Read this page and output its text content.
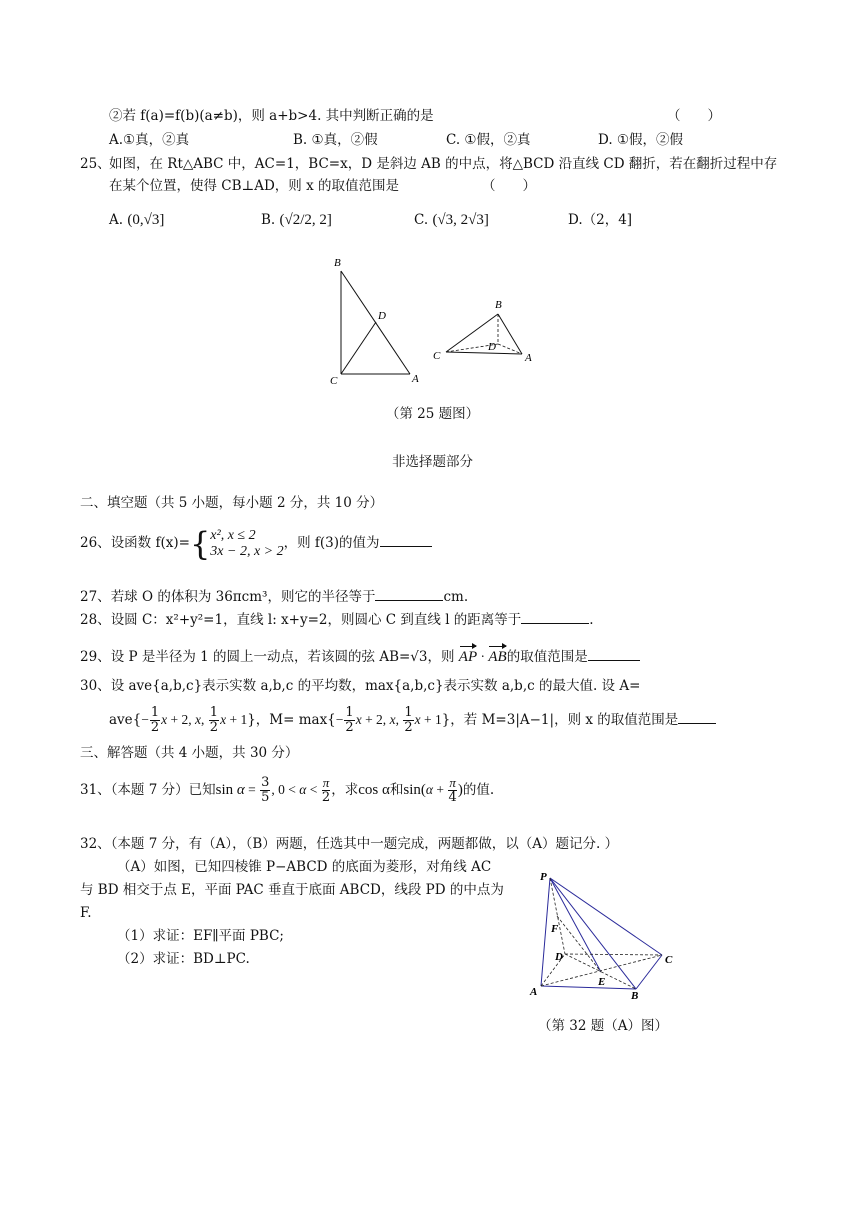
②若 f(a)=f(b)(a≠b)，则 a+b>4. 其中判断正确的是	（　　）
A.①真，②真	B. ①真，②假	C. ①假，②真	D. ①假，②假
25、
如图，在 Rt△ABC 中，AC=1，BC=x，D 是斜边 AB 的中点，将△BCD 沿直线 CD 翻折，若在翻折过程中存
在某个位置，使得 CB⊥AD，则 x 的取值范围是	（　　）
A. (0,√3]	B. (√2/2, 2]	C. (√3, 2√3]	D.（2，4]
B
D
C	A
B
D
C	A
（第 25 题图）
非选择题部分
二、填空题（共 5 小题，每小题 2 分，共 10 分）
26、设函数 f(x)={ x², x ≤ 2
3x − 2, x > 2 ，则 f(3)的值为
27、若球 O 的体积为 36πcm³，则它的半径等于	cm.
28、设圆 C：x²+y²=1，直线 l: x+y=2，则圆心 C 到直线 l 的距离等于	.
29、设 P 是半径为 1 的圆上一动点，若该圆的弦 AB=√3，则 AP · AB的取值范围是
30、设 ave{a,b,c}表示实数 a,b,c 的平均数，max{a,b,c}表示实数 a,b,c 的最大值. 设 A=
$ave\{- \frac{1}{2}$ x + 2, x, $\frac{1}{2}$ x + 1}，$M= \max\{- \frac{1}{2}$ x + 2, x, $\frac{1}{2}$ x + 1}，若 M=3|A−1|，则 x 的取值范围是
三、解答题（共 4 小题，共 30 分）
31、（本题 7 分）已知$\sin \alpha = \frac{3}{5}$ , $0 < \alpha < \frac{\pi}{2}$ ，求cos α和$\sin(\alpha + \frac{\pi}{4}$ )的值.
32、（本题 7 分，有（A），（B）两题，任选其中一题完成，两题都做，以（A）题记分. ）
（A）如图，已知四棱锥 P−ABCD 的底面为菱形，对角线 AC
与 BD 相交于点 E，平面 PAC 垂直于底面 ABCD，线段 PD 的中点为
F.
（1）求证：EF∥平面 PBC;
（2）求证：BD⊥PC.
P
F
D	C
E
A	B
（第 32 题（A）图）
